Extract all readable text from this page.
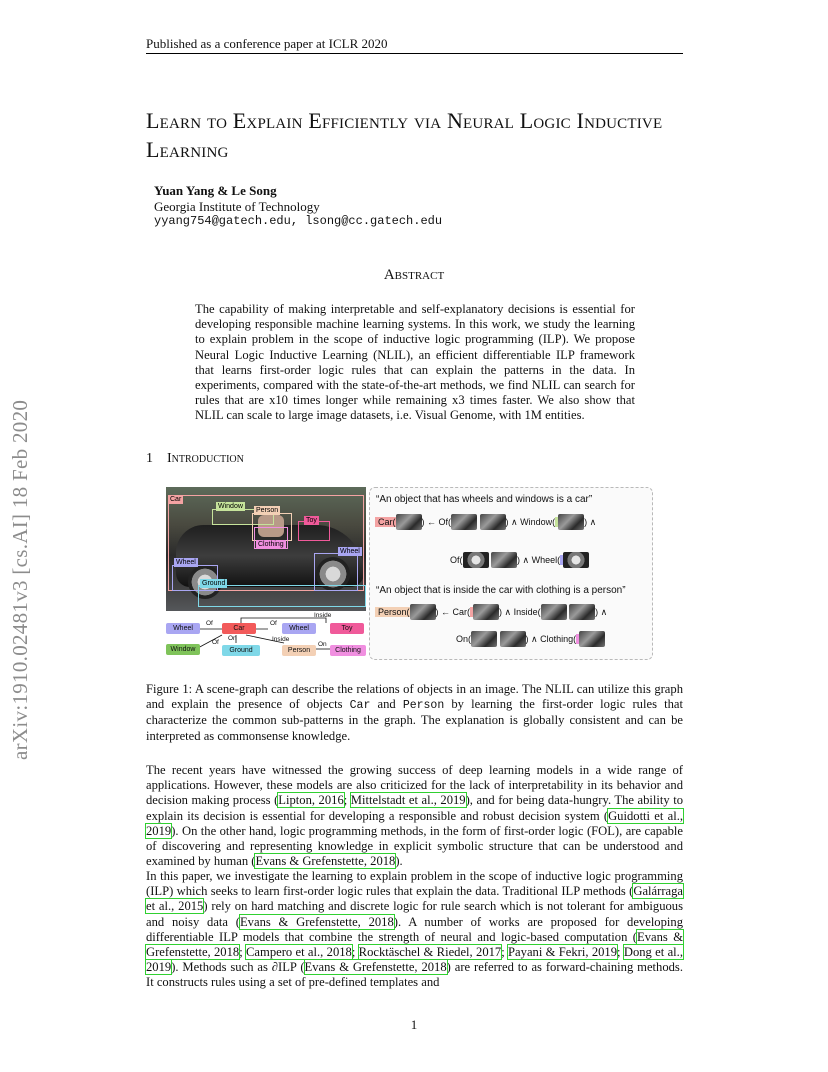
Published as a conference paper at ICLR 2020
arXiv:1910.02481v3 [cs.AI] 18 Feb 2020
Learn to Explain Efficiently via Neural Logic Inductive Learning
Yuan Yang & Le Song
Georgia Institute of Technology
yyang754@gatech.edu, lsong@cc.gatech.edu
Abstract
The capability of making interpretable and self-explanatory decisions is essential for developing responsible machine learning systems. In this work, we study the learning to explain problem in the scope of inductive logic programming (ILP). We propose Neural Logic Inductive Learning (NLIL), an efficient differentiable ILP framework that learns first-order logic rules that can explain the patterns in the data. In experiments, compared with the state-of-the-art methods, we find NLIL can search for rules that are x10 times longer while remaining x3 times faster. We also show that NLIL can scale to large image datasets, i.e. Visual Genome, with 1M entities.
1 Introduction
Car
Window
Person
Toy
Clothing
Wheel
Wheel
Ground
Wheel	Car	Wheel	Toy
Window	Ground	Person	Clothing
Of	Of
Inside
Of
On	Inside
On
“An object that has wheels and windows is a car”
Car(	) ← Of(	) ∧ Window(	) ∧
Of(	) ∧ Wheel(
“An object that is inside the car with clothing is a person”
Person(	) ← Car(	) ∧ Inside(	) ∧
On(	) ∧ Clothing(
Figure 1: A scene-graph can describe the relations of objects in an image. The NLIL can utilize this graph and explain the presence of objects Car and Person by learning the first-order logic rules that characterize the common sub-patterns in the graph. The explanation is globally consistent and can be interpreted as commonsense knowledge.
The recent years have witnessed the growing success of deep learning models in a wide range of applications. However, these models are also criticized for the lack of interpretability in its behavior and decision making process (Lipton, 2016; Mittelstadt et al., 2019), and for being data-hungry. The ability to explain its decision is essential for developing a responsible and robust decision system (Guidotti et al., 2019). On the other hand, logic programming methods, in the form of first-order logic (FOL), are capable of discovering and representing knowledge in explicit symbolic structure that can be understood and examined by human (Evans & Grefenstette, 2018).
In this paper, we investigate the learning to explain problem in the scope of inductive logic programming (ILP) which seeks to learn first-order logic rules that explain the data. Traditional ILP methods (Galárraga et al., 2015) rely on hard matching and discrete logic for rule search which is not tolerant for ambiguous and noisy data (Evans & Grefenstette, 2018). A number of works are proposed for developing differentiable ILP models that combine the strength of neural and logic-based computation (Evans & Grefenstette, 2018; Campero et al., 2018; Rocktäschel & Riedel, 2017; Payani & Fekri, 2019; Dong et al., 2019). Methods such as ∂ILP (Evans & Grefenstette, 2018) are referred to as forward-chaining methods. It constructs rules using a set of pre-defined templates and
1
